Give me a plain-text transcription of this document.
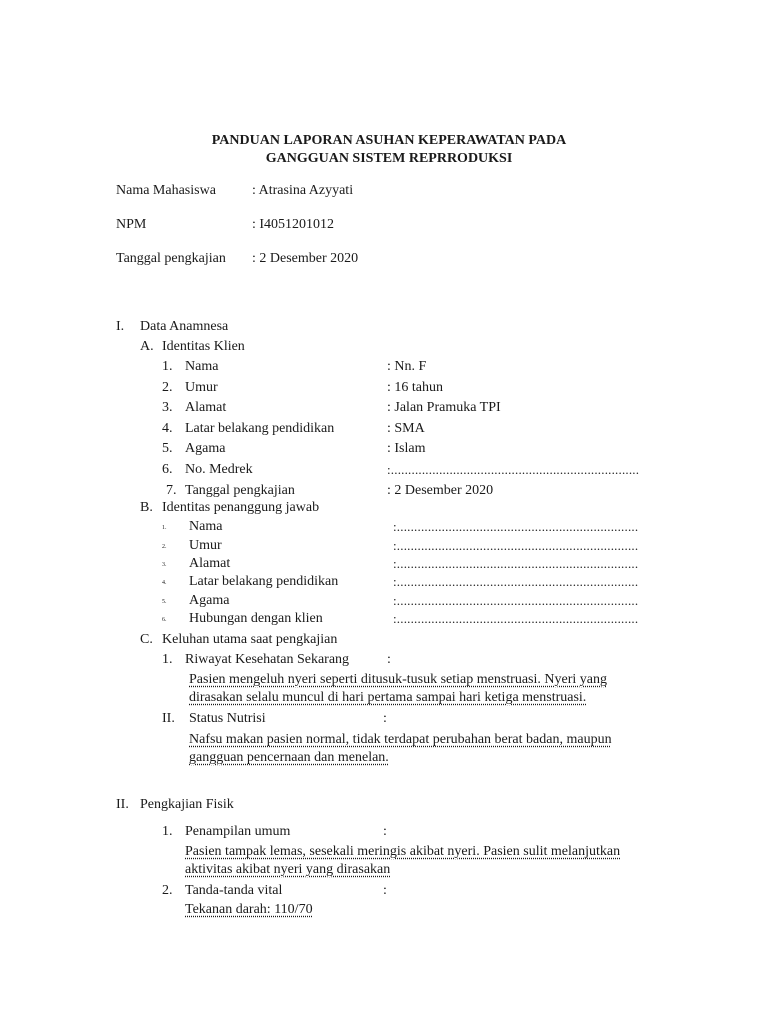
PANDUAN LAPORAN ASUHAN KEPERAWATAN PADA
GANGGUAN SISTEM REPRRODUKSI
Nama Mahasiswa	: Atrasina Azyyati
NPM	: I4051201012
Tanggal pengkajian : 2 Desember 2020
I. Data Anamnesa
A. Identitas Klien
1. Nama	: Nn. F
2. Umur	: 16 tahun
3. Alamat	: Jalan Pramuka TPI
4. Latar belakang pendidikan	: SMA
5. Agama	: Islam
6. No. Medrek	:........................................................................
7. Tanggal pengkajian	: 2 Desember 2020
B. Identitas penanggung jawab
1. Nama	:......................................................................
2. Umur	:......................................................................
3. Alamat	:......................................................................
4. Latar belakang pendidikan	:......................................................................
5. Agama	:......................................................................
6. Hubungan dengan klien	:......................................................................
C. Keluhan utama saat pengkajian
1. Riwayat Kesehatan Sekarang	:
Pasien mengeluh nyeri seperti ditusuk-tusuk setiap menstruasi. Nyeri yang
dirasakan selalu muncul di hari pertama sampai hari ketiga menstruasi.
II. Status Nutrisi	:
Nafsu makan pasien normal, tidak terdapat perubahan berat badan, maupun
gangguan pencernaan dan menelan.
II. Pengkajian Fisik
1. Penampilan umum	:
Pasien tampak lemas, sesekali meringis akibat nyeri. Pasien sulit melanjutkan
aktivitas akibat nyeri yang dirasakan
2. Tanda-tanda vital	:
Tekanan darah: 110/70
